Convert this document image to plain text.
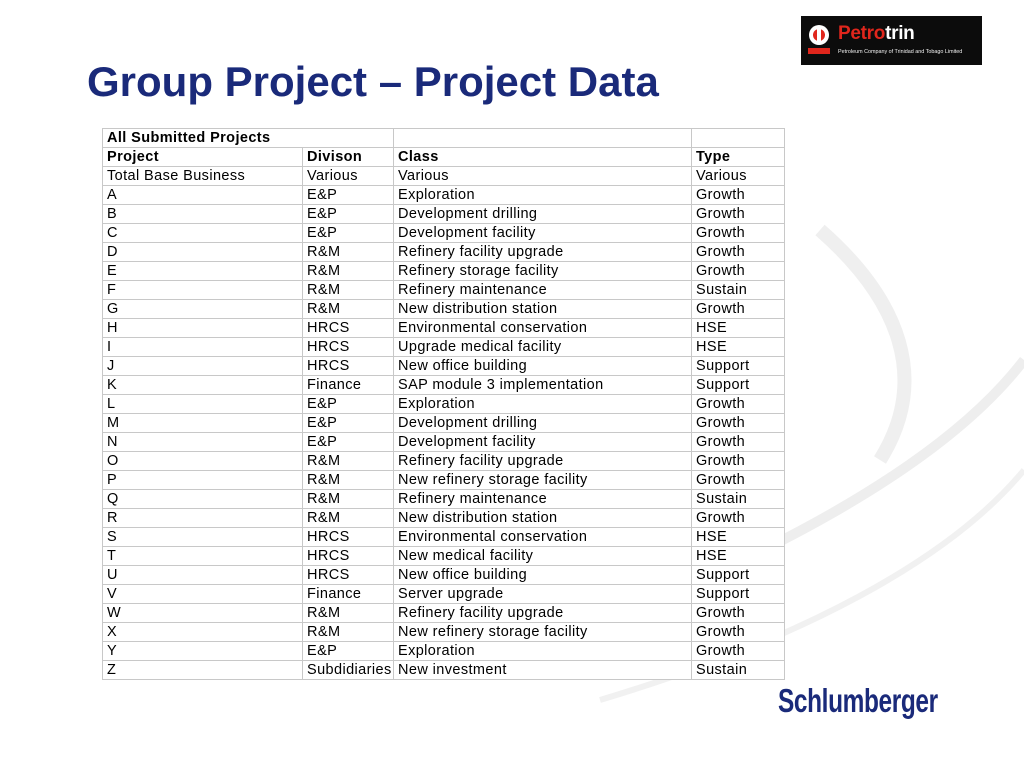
Group Project – Project Data
Petrotrin
Petroleum Company of Trinidad and Tobago Limited
All Submitted Projects			
Project	Divison	Class	Type
Total Base Business	Various	Various	Various
A	E&P	Exploration	Growth
B	E&P	Development drilling	Growth
C	E&P	Development facility	Growth
D	R&M	Refinery facility upgrade	Growth
E	R&M	Refinery storage facility	Growth
F	R&M	Refinery maintenance	Sustain
G	R&M	New distribution station	Growth
H	HRCS	Environmental conservation	HSE
I	HRCS	Upgrade medical facility	HSE
J	HRCS	New office building	Support
K	Finance	SAP module 3 implementation	Support
L	E&P	Exploration	Growth
M	E&P	Development drilling	Growth
N	E&P	Development facility	Growth
O	R&M	Refinery facility upgrade	Growth
P	R&M	New refinery storage facility	Growth
Q	R&M	Refinery maintenance	Sustain
R	R&M	New distribution station	Growth
S	HRCS	Environmental conservation	HSE
T	HRCS	New medical facility	HSE
U	HRCS	New office building	Support
V	Finance	Server upgrade	Support
W	R&M	Refinery facility upgrade	Growth
X	R&M	New refinery storage facility	Growth
Y	E&P	Exploration	Growth
Z	Subdidiaries	New investment	Sustain
Schlumberger
